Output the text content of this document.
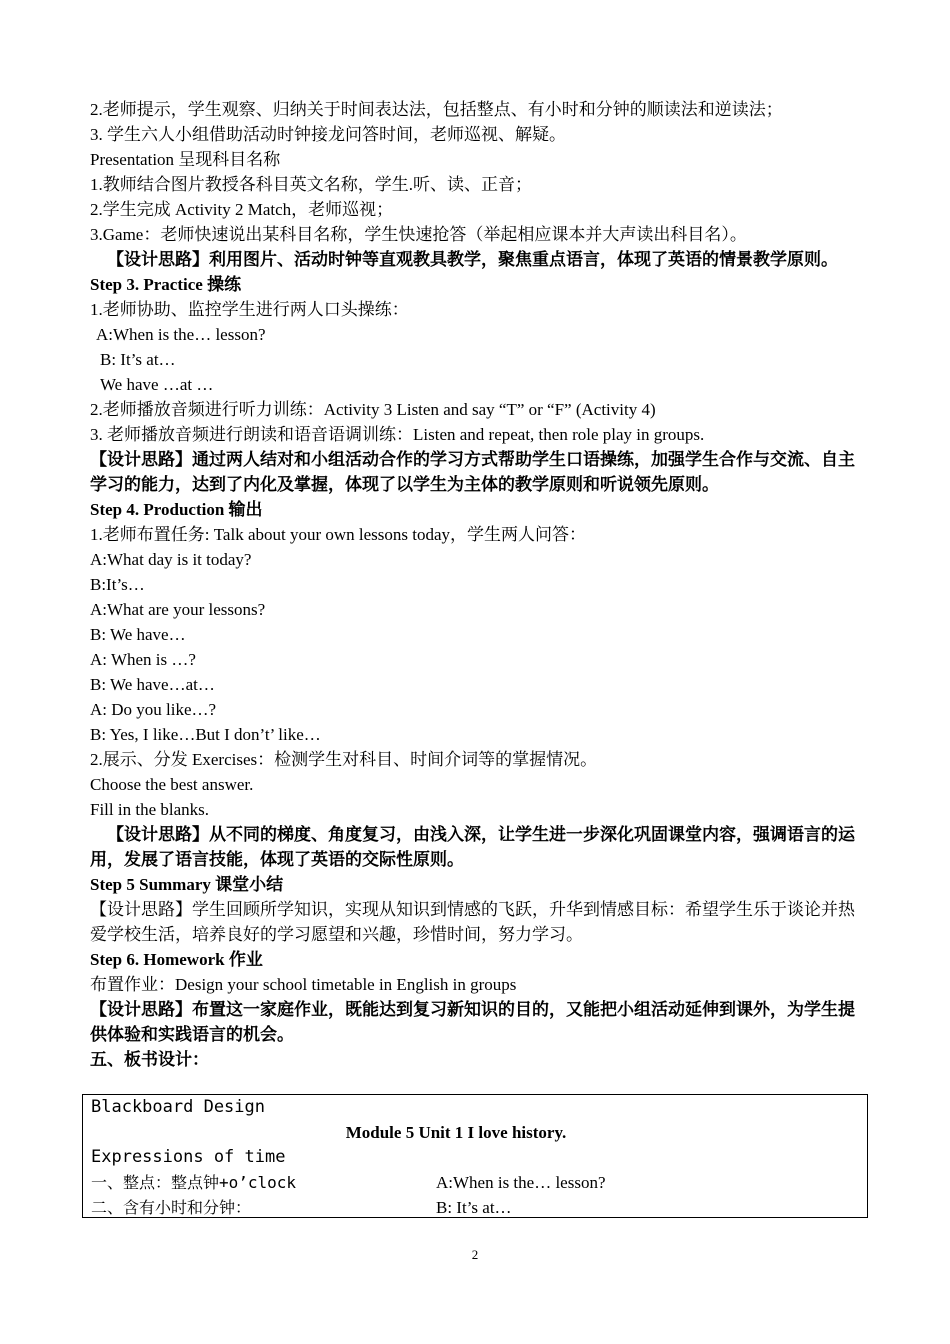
2.老师提示，学生观察、归纳关于时间表达法，包括整点、有小时和分钟的顺读法和逆读法；
3. 学生六人小组借助活动时钟接龙问答时间，老师巡视、解疑。
Presentation 呈现科目名称
1.教师结合图片教授各科目英文名称，学生.听、读、正音；
2.学生完成 Activity 2 Match，老师巡视；
3.Game：老师快速说出某科目名称，学生快速抢答（举起相应课本并大声读出科目名）。
【设计思路】利用图片、活动时钟等直观教具教学，聚焦重点语言，体现了英语的情景教学原则。
Step 3. Practice 操练
1.老师协助、监控学生进行两人口头操练：
A:When is the… lesson?
B: It’s at…
We have …at …
2.老师播放音频进行听力训练：Activity 3 Listen and say “T” or “F” (Activity 4)
3. 老师播放音频进行朗读和语音语调训练：Listen and repeat, then role play in groups.
【设计思路】通过两人结对和小组活动合作的学习方式帮助学生口语操练，加强学生合作与交流、自主学习的能力，达到了内化及掌握，体现了以学生为主体的教学原则和听说领先原则。
Step 4. Production 输出
1.老师布置任务: Talk about your own lessons today，学生两人问答：
A:What day is it today?
B:It’s…
A:What are your lessons?
B: We have…
A: When is …?
B: We have…at…
A: Do you like…?
B: Yes, I like…But I don’t’ like…
2.展示、分发 Exercises：检测学生对科目、时间介词等的掌握情况。
Choose the best answer.
Fill in the blanks.
【设计思路】从不同的梯度、角度复习，由浅入深，让学生进一步深化巩固课堂内容，强调语言的运用，发展了语言技能，体现了英语的交际性原则。
Step 5 Summary 课堂小结
【设计思路】学生回顾所学知识，实现从知识到情感的飞跃，升华到情感目标：希望学生乐于谈论并热爱学校生活，培养良好的学习愿望和兴趣，珍惜时间，努力学习。
Step 6. Homework 作业
布置作业：Design your school timetable in English in groups
【设计思路】布置这一家庭作业，既能达到复习新知识的目的，又能把小组活动延伸到课外，为学生提供体验和实践语言的机会。
五、板书设计：
Blackboard Design
Module 5 Unit 1 I love history.
Expressions of time
一、整点：整点钟+o’clock	A:When is the… lesson?
二、含有小时和分钟：	B: It’s at…
2
